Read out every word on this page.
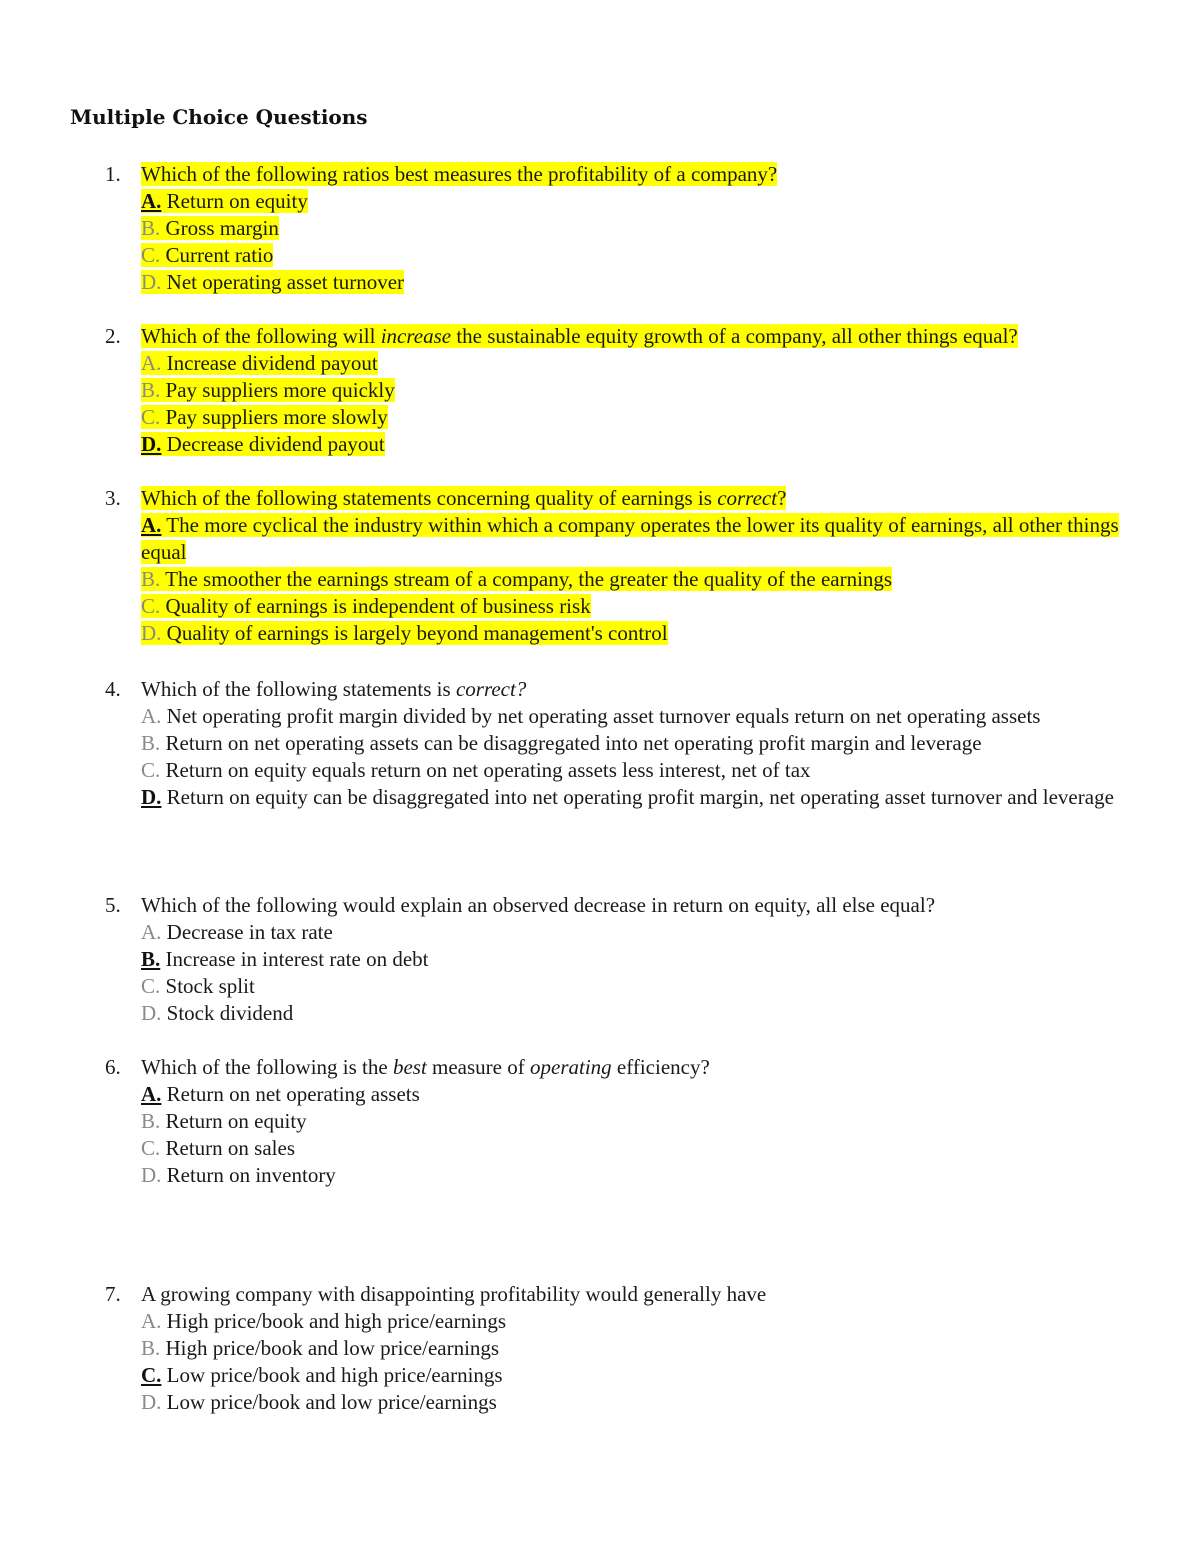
Multiple Choice Questions
1. Which of the following ratios best measures the profitability of a company?

A. Return on equity

B. Gross margin

C. Current ratio

D. Net operating asset turnover

2. Which of the following will increase the sustainable equity growth of a company, all other things equal?

A. Increase dividend payout

B. Pay suppliers more quickly

C. Pay suppliers more slowly

D. Decrease dividend payout

3. Which of the following statements concerning quality of earnings is correct?

A. The more cyclical the industry within which a company operates the lower its quality of earnings, all other things equal

B. The smoother the earnings stream of a company, the greater the quality of the earnings

C. Quality of earnings is independent of business risk

D. Quality of earnings is largely beyond management's control

4. Which of the following statements is correct?

A. Net operating profit margin divided by net operating asset turnover equals return on net operating assets

B. Return on net operating assets can be disaggregated into net operating profit margin and leverage

C. Return on equity equals return on net operating assets less interest, net of tax

D. Return on equity can be disaggregated into net operating profit margin, net operating asset turnover and leverage

5. Which of the following would explain an observed decrease in return on equity, all else equal?

A. Decrease in tax rate

B. Increase in interest rate on debt

C. Stock split

D. Stock dividend

6. Which of the following is the best measure of operating efficiency?

A. Return on net operating assets

B. Return on equity

C. Return on sales

D. Return on inventory

7. A growing company with disappointing profitability would generally have

A. High price/book and high price/earnings

B. High price/book and low price/earnings

C. Low price/book and high price/earnings

D. Low price/book and low price/earnings
